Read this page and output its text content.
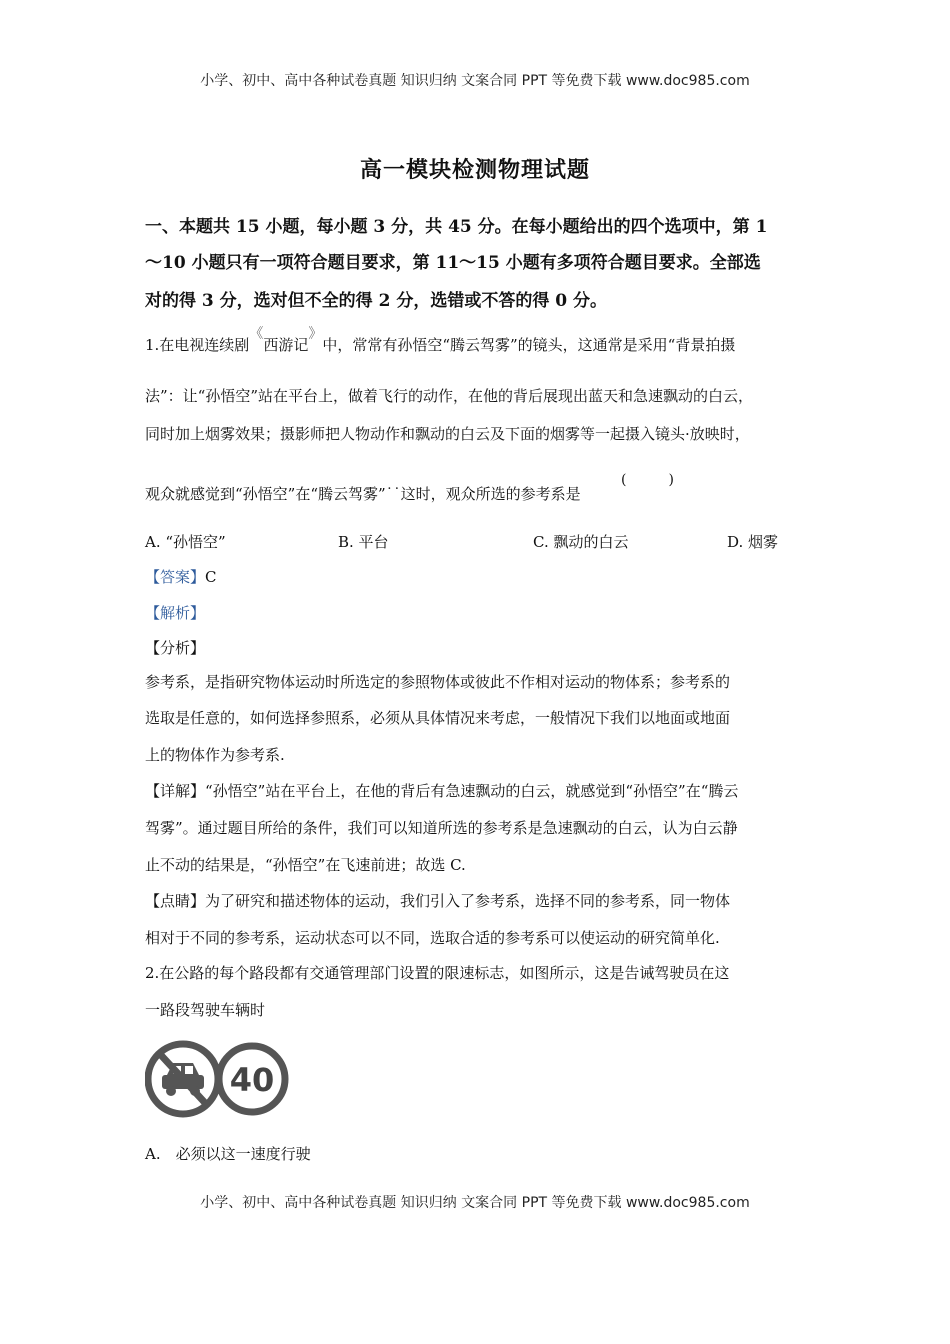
小学、初中、高中各种试卷真题 知识归纳 文案合同 PPT 等免费下载 www.doc985.com
高一模块检测物理试题
一、本题共 15 小题，每小题 3 分，共 45 分。在每小题给出的四个选项中，第 1
～10 小题只有一项符合题目要求，第 11～15 小题有多项符合题目要求。全部选
对的得 3 分，选对但不全的得 2 分，选错或不答的得 0 分。
1.在电视连续剧《西游记》中，常常有孙悟空“腾云驾雾”的镜头，这通常是采用“背景拍摄
法”：让“孙悟空”站在平台上，做着飞行的动作，在他的背后展现出蓝天和急速飘动的白云，
同时加上烟雾效果；摄影师把人物动作和飘动的白云及下面的烟雾等一起摄入镜头·放映时，
观众就感觉到“孙悟空”在“腾云驾雾”˙˙这时，观众所选的参考系是
(　　　)
A. “孙悟空”	B. 平台	C. 飘动的白云	D. 烟雾
【答案】C
【解析】
【分析】
参考系，是指研究物体运动时所选定的参照物体或彼此不作相对运动的物体系；参考系的
选取是任意的，如何选择参照系，必须从具体情况来考虑，一般情况下我们以地面或地面
上的物体作为参考系.
【详解】“孙悟空”站在平台上，在他的背后有急速飘动的白云，就感觉到“孙悟空”在“腾云
驾雾”。通过题目所给的条件，我们可以知道所选的参考系是急速飘动的白云，认为白云静
止不动的结果是，“孙悟空”在飞速前进；故选 C.
【点睛】为了研究和描述物体的运动，我们引入了参考系，选择不同的参考系，同一物体
相对于不同的参考系，运动状态可以不同，选取合适的参考系可以使运动的研究简单化.
2.在公路的每个路段都有交通管理部门设置的限速标志，如图所示，这是告诫驾驶员在这
一路段驾驶车辆时
40
A.　必须以这一速度行驶
小学、初中、高中各种试卷真题 知识归纳 文案合同 PPT 等免费下载 www.doc985.com
